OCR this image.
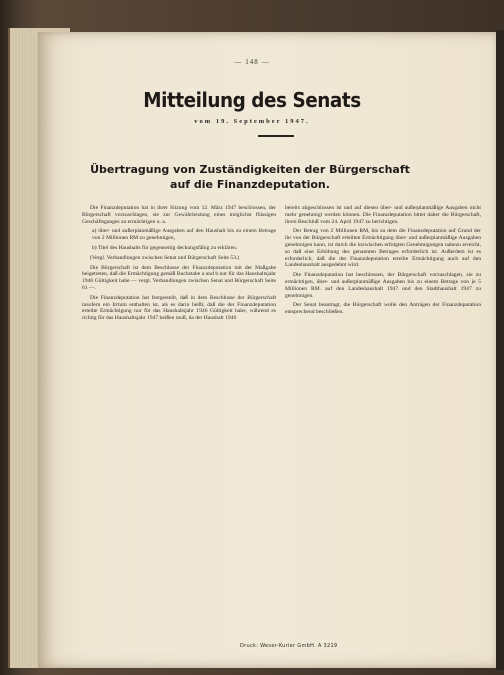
— 148 —
Mitteilung des Senats
vom 19. September 1947.
Übertragung von Zuständigkeiten der Bürgerschaft
auf die Finanzdeputation.

Die Finanzdeputation hat in ihrer Sitzung vom 12. März 1947 beschlossen, der Bürgerschaft vorzuschlagen, sie zur Gewährleistung eines möglichst flüssigen Geschäftsganges zu ermächtigen u. a.

a) über- und außerplanmäßige Ausgaben auf den Haushalt bis zu einem Betrage von 2 Millionen RM zu genehmigen,

b) Titel des Haushalts für gegenseitig deckungsfähig zu erklären.

(Vergl. Verhandlungen zwischen Senat und Bürgerschaft Seite 53.)

Die Bürgerschaft ist dem Beschlusse der Finanzdeputation mit der Maßgabe beigetreten, daß die Ermächtigung gemäß Buchstabe a und b nur für das Haushaltsjahr 1946 Gültigkeit habe — vergl. Verhandlungen zwischen Senat und Bürgerschaft Seite 61 —.

Die Finanzdeputation hat festgestellt, daß in dem Beschlusse der Bürgerschaft insofern ein Irrtum enthalten ist, als es darin heißt, daß die der Finanzdeputation erteilte Ermächtigung nur für das Haushaltsjahr 1946 Gültigkeit habe, während es richtig für das Haushaltsjahr 1947 heißen muß, da der Haushalt 1946

bereits abgeschlossen ist und auf diesen über- und außerplanmäßige Ausgaben nicht mehr genehmigt werden können. Die Finanzdeputation bittet daher die Bürgerschaft, ihren Beschluß vom 24. April 1947 zu berichtigen.

Der Betrag von 2 Millionen RM, bis zu dem die Finanzdeputation auf Grund der ihr von der Bürgerschaft erteilten Ermächtigung über- und außerplanmäßige Ausgaben genehmigen kann, ist durch die inzwischen erfolgten Genehmigungen nahezu erreicht, so daß eine Erhöhung des genannten Betrages erforderlich ist. Außerdem ist es erforderlich, daß die der Finanzdeputation erteilte Ermächtigung auch auf den Landeshaushalt ausgedehnt wird.

Die Finanzdeputation hat beschlossen, der Bürgerschaft vorzuschlagen, sie zu ermächtigen, über- und außerplanmäßige Ausgaben bis zu einem Betrage von je 5 Millionen RM. auf den Landeshaushalt 1947 und den Stadthaushalt 1947 zu genehmigen.

Der Senat beantragt, die Bürgerschaft wolle den Anträgen der Finanzdeputation entsprechend beschließen.

Druck: Weser-Kurier GmbH. A 3219
